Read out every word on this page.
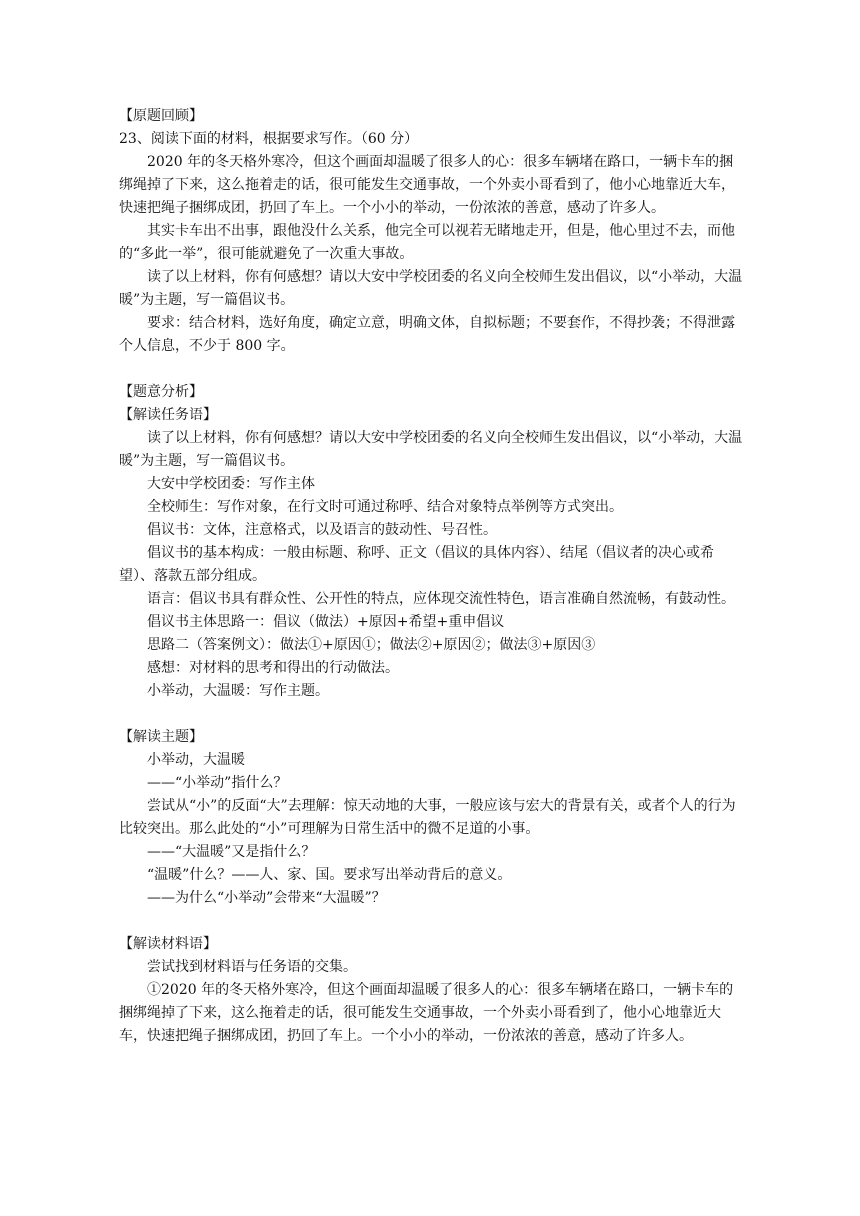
【原题回顾】

23、阅读下面的材料，根据要求写作。（60 分）

2020 年的冬天格外寒冷，但这个画面却温暖了很多人的心：很多车辆堵在路口，一辆卡车的捆绑绳掉了下来，这么拖着走的话，很可能发生交通事故，一个外卖小哥看到了，他小心地靠近大车，快速把绳子捆绑成团，扔回了车上。一个小小的举动，一份浓浓的善意，感动了许多人。

其实卡车出不出事，跟他没什么关系，他完全可以视若无睹地走开，但是，他心里过不去，而他的“多此一举”，很可能就避免了一次重大事故。

读了以上材料，你有何感想？请以大安中学校团委的名义向全校师生发出倡议，以“小举动，大温暖”为主题，写一篇倡议书。

要求：结合材料，选好角度，确定立意，明确文体，自拟标题；不要套作，不得抄袭；不得泄露个人信息，不少于 800 字。

【题意分析】

【解读任务语】

读了以上材料，你有何感想？请以大安中学校团委的名义向全校师生发出倡议，以“小举动，大温暖”为主题，写一篇倡议书。

大安中学校团委：写作主体

全校师生：写作对象，在行文时可通过称呼、结合对象特点举例等方式突出。

倡议书：文体，注意格式，以及语言的鼓动性、号召性。

倡议书的基本构成：一般由标题、称呼、正文（倡议的具体内容）、结尾（倡议者的决心或希望）、落款五部分组成。

语言：倡议书具有群众性、公开性的特点，应体现交流性特色，语言准确自然流畅，有鼓动性。

倡议书主体思路一：倡议（做法）+原因+希望+重申倡议

思路二（答案例文）：做法①+原因①；做法②+原因②；做法③+原因③

感想：对材料的思考和得出的行动做法。

小举动，大温暖：写作主题。

【解读主题】

小举动，大温暖

——“小举动”指什么？

尝试从“小”的反面“大”去理解：惊天动地的大事，一般应该与宏大的背景有关，或者个人的行为比较突出。那么此处的“小”可理解为日常生活中的微不足道的小事。

——“大温暖”又是指什么？

“温暖”什么？——人、家、国。要求写出举动背后的意义。

——为什么“小举动”会带来“大温暖”？

【解读材料语】

尝试找到材料语与任务语的交集。

①2020 年的冬天格外寒冷，但这个画面却温暖了很多人的心：很多车辆堵在路口，一辆卡车的捆绑绳掉了下来，这么拖着走的话，很可能发生交通事故，一个外卖小哥看到了，他小心地靠近大车，快速把绳子捆绑成团，扔回了车上。一个小小的举动，一份浓浓的善意，感动了许多人。
